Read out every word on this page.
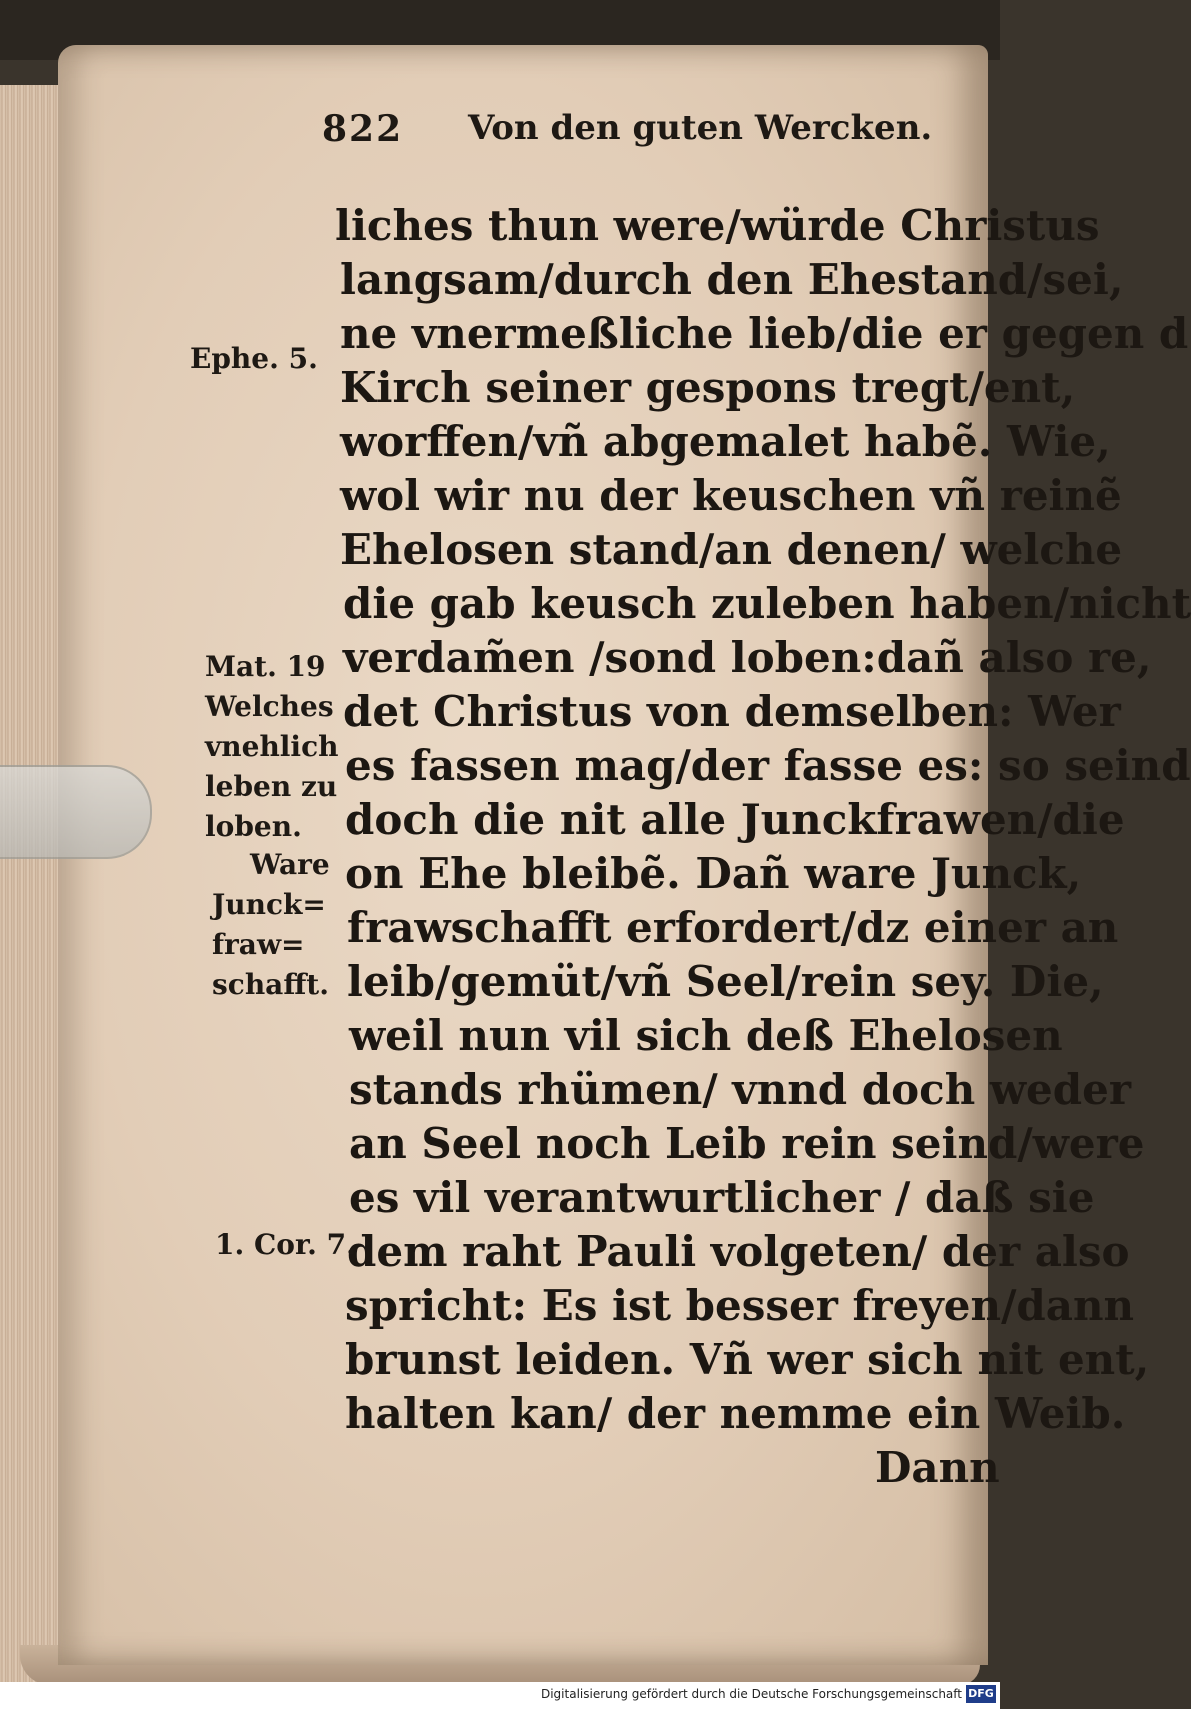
822 Von den guten Wercken.
liches thun were/würde Christus
langsam/durch den Ehestand/sei,
ne vnermeßliche lieb/die er gegen d
Kirch seiner gespons tregt/ent,
worffen/vñ abgemalet habẽ. Wie,
wol wir nu der keuschen vñ reinẽ
Ehelosen stand/an denen/ welche
die gab keusch zuleben haben/nicht
verdam̃en /sond loben:dañ also re,
det Christus von demselben: Wer
es fassen mag/der fasse es: so seind
doch die nit alle Junckfrawen/die
on Ehe bleibẽ. Dañ ware Junck,
frawschafft erfordert/dz einer an
leib/gemüt/vñ Seel/rein sey. Die,
weil nun vil sich deß Ehelosen
stands rhümen/ vnnd doch weder
an Seel noch Leib rein seind/were
es vil verantwurtlicher / daß sie
dem raht Pauli volgeten/ der also
spricht: Es ist besser freyen/dann
brunst leiden. Vñ wer sich nit ent,
halten kan/ der nemme ein Weib.
Dann
Ephe. 5.
Mat. 19
Welches
vnehlich
leben zu
loben.
Ware
Junck=
fraw=
schafft.
1. Cor. 7.
Digitalisierung gefördert durch die Deutsche Forschungsgemeinschaft DFG
